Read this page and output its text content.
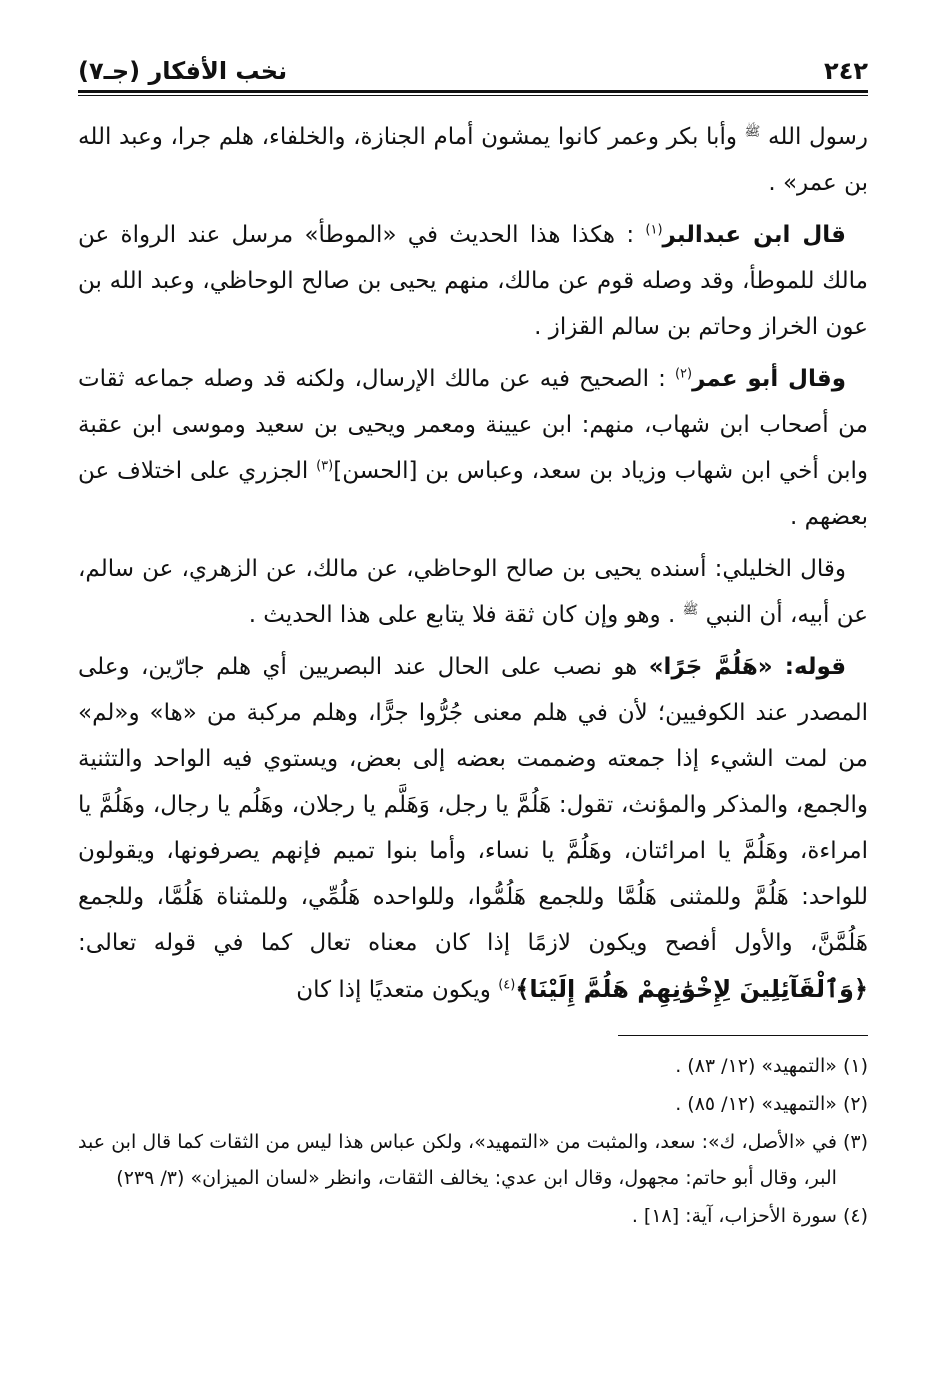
٢٤٢
نخب الأفكار (جـ٧)

رسول الله $^ﷺ$ وأبا بكر وعمر كانوا يمشون أمام الجنازة، والخلفاء، هلم جرا، وعبد الله بن عمر» .

قال ابن عبدالبر$^{(١)}$ : هكذا هذا الحديث في «الموطأ» مرسل عند الرواة عن مالك للموطأ، وقد وصله قوم عن مالك، منهم يحيى بن صالح الوحاظي، وعبد الله بن عون الخراز وحاتم بن سالم القزاز .

وقال أبو عمر$^{(٢)}$ : الصحيح فيه عن مالك الإرسال، ولكنه قد وصله جماعه ثقات من أصحاب ابن شهاب، منهم: ابن عيينة ومعمر ويحيى بن سعيد وموسى ابن عقبة وابن أخي ابن شهاب وزياد بن سعد، وعباس بن [الحسن]$^{(٣)}$ الجزري على اختلاف عن بعضهم .

وقال الخليلي: أسنده يحيى بن صالح الوحاظي، عن مالك، عن الزهري، عن سالم، عن أبيه، أن النبي $^ﷺ$ . وهو وإن كان ثقة فلا يتابع على هذا الحديث .

قوله: «هَلُمَّ جَرًا» هو نصب على الحال عند البصريين أي هلم جارّين، وعلى المصدر عند الكوفيين؛ لأن في هلم معنى جُرُّوا جرًّا، وهلم مركبة من «ها» و«لم» من لمت الشيء إذا جمعته وضممت بعضه إلى بعض، ويستوي فيه الواحد والتثنية والجمع، والمذكر والمؤنث، تقول: هَلُمَّ يا رجل، وَهَلَّم يا رجلان، وهَلُم يا رجال، وهَلُمَّ يا امراءة، وهَلُمَّ يا امرائتان، وهَلُمَّ يا نساء، وأما بنوا تميم فإنهم يصرفونها، ويقولون للواحد: هَلُمَّ وللمثنى هَلُمَّا وللجمع هَلُمُّوا، وللواحده هَلُمِّي، وللمثناة هَلُمَّا، وللجمع هَلُمَّنَّ، والأول أفصح ويكون لازمًا إذا كان معناه تعال كما في قوله تعالى: ﴿وَٱلْقَآئِلِينَ لِإِخْوَٰنِهِمْ هَلُمَّ إِلَيْنَا﴾$^{(٤)}$ ويكون متعديًا إذا كان

(١)
«التمهيد» (١٢/ ٨٣) .
(٢)
«التمهيد» (١٢/ ٨٥) .
(٣)
في «الأصل، ك»: سعد، والمثبت من «التمهيد»، ولكن عباس هذا ليس من الثقات كما قال ابن عبد البر، وقال أبو حاتم: مجهول، وقال ابن عدي: يخالف الثقات، وانظر «لسان الميزان» (٣/ ٢٣٩)
(٤)
سورة الأحزاب، آية: [١٨] .
